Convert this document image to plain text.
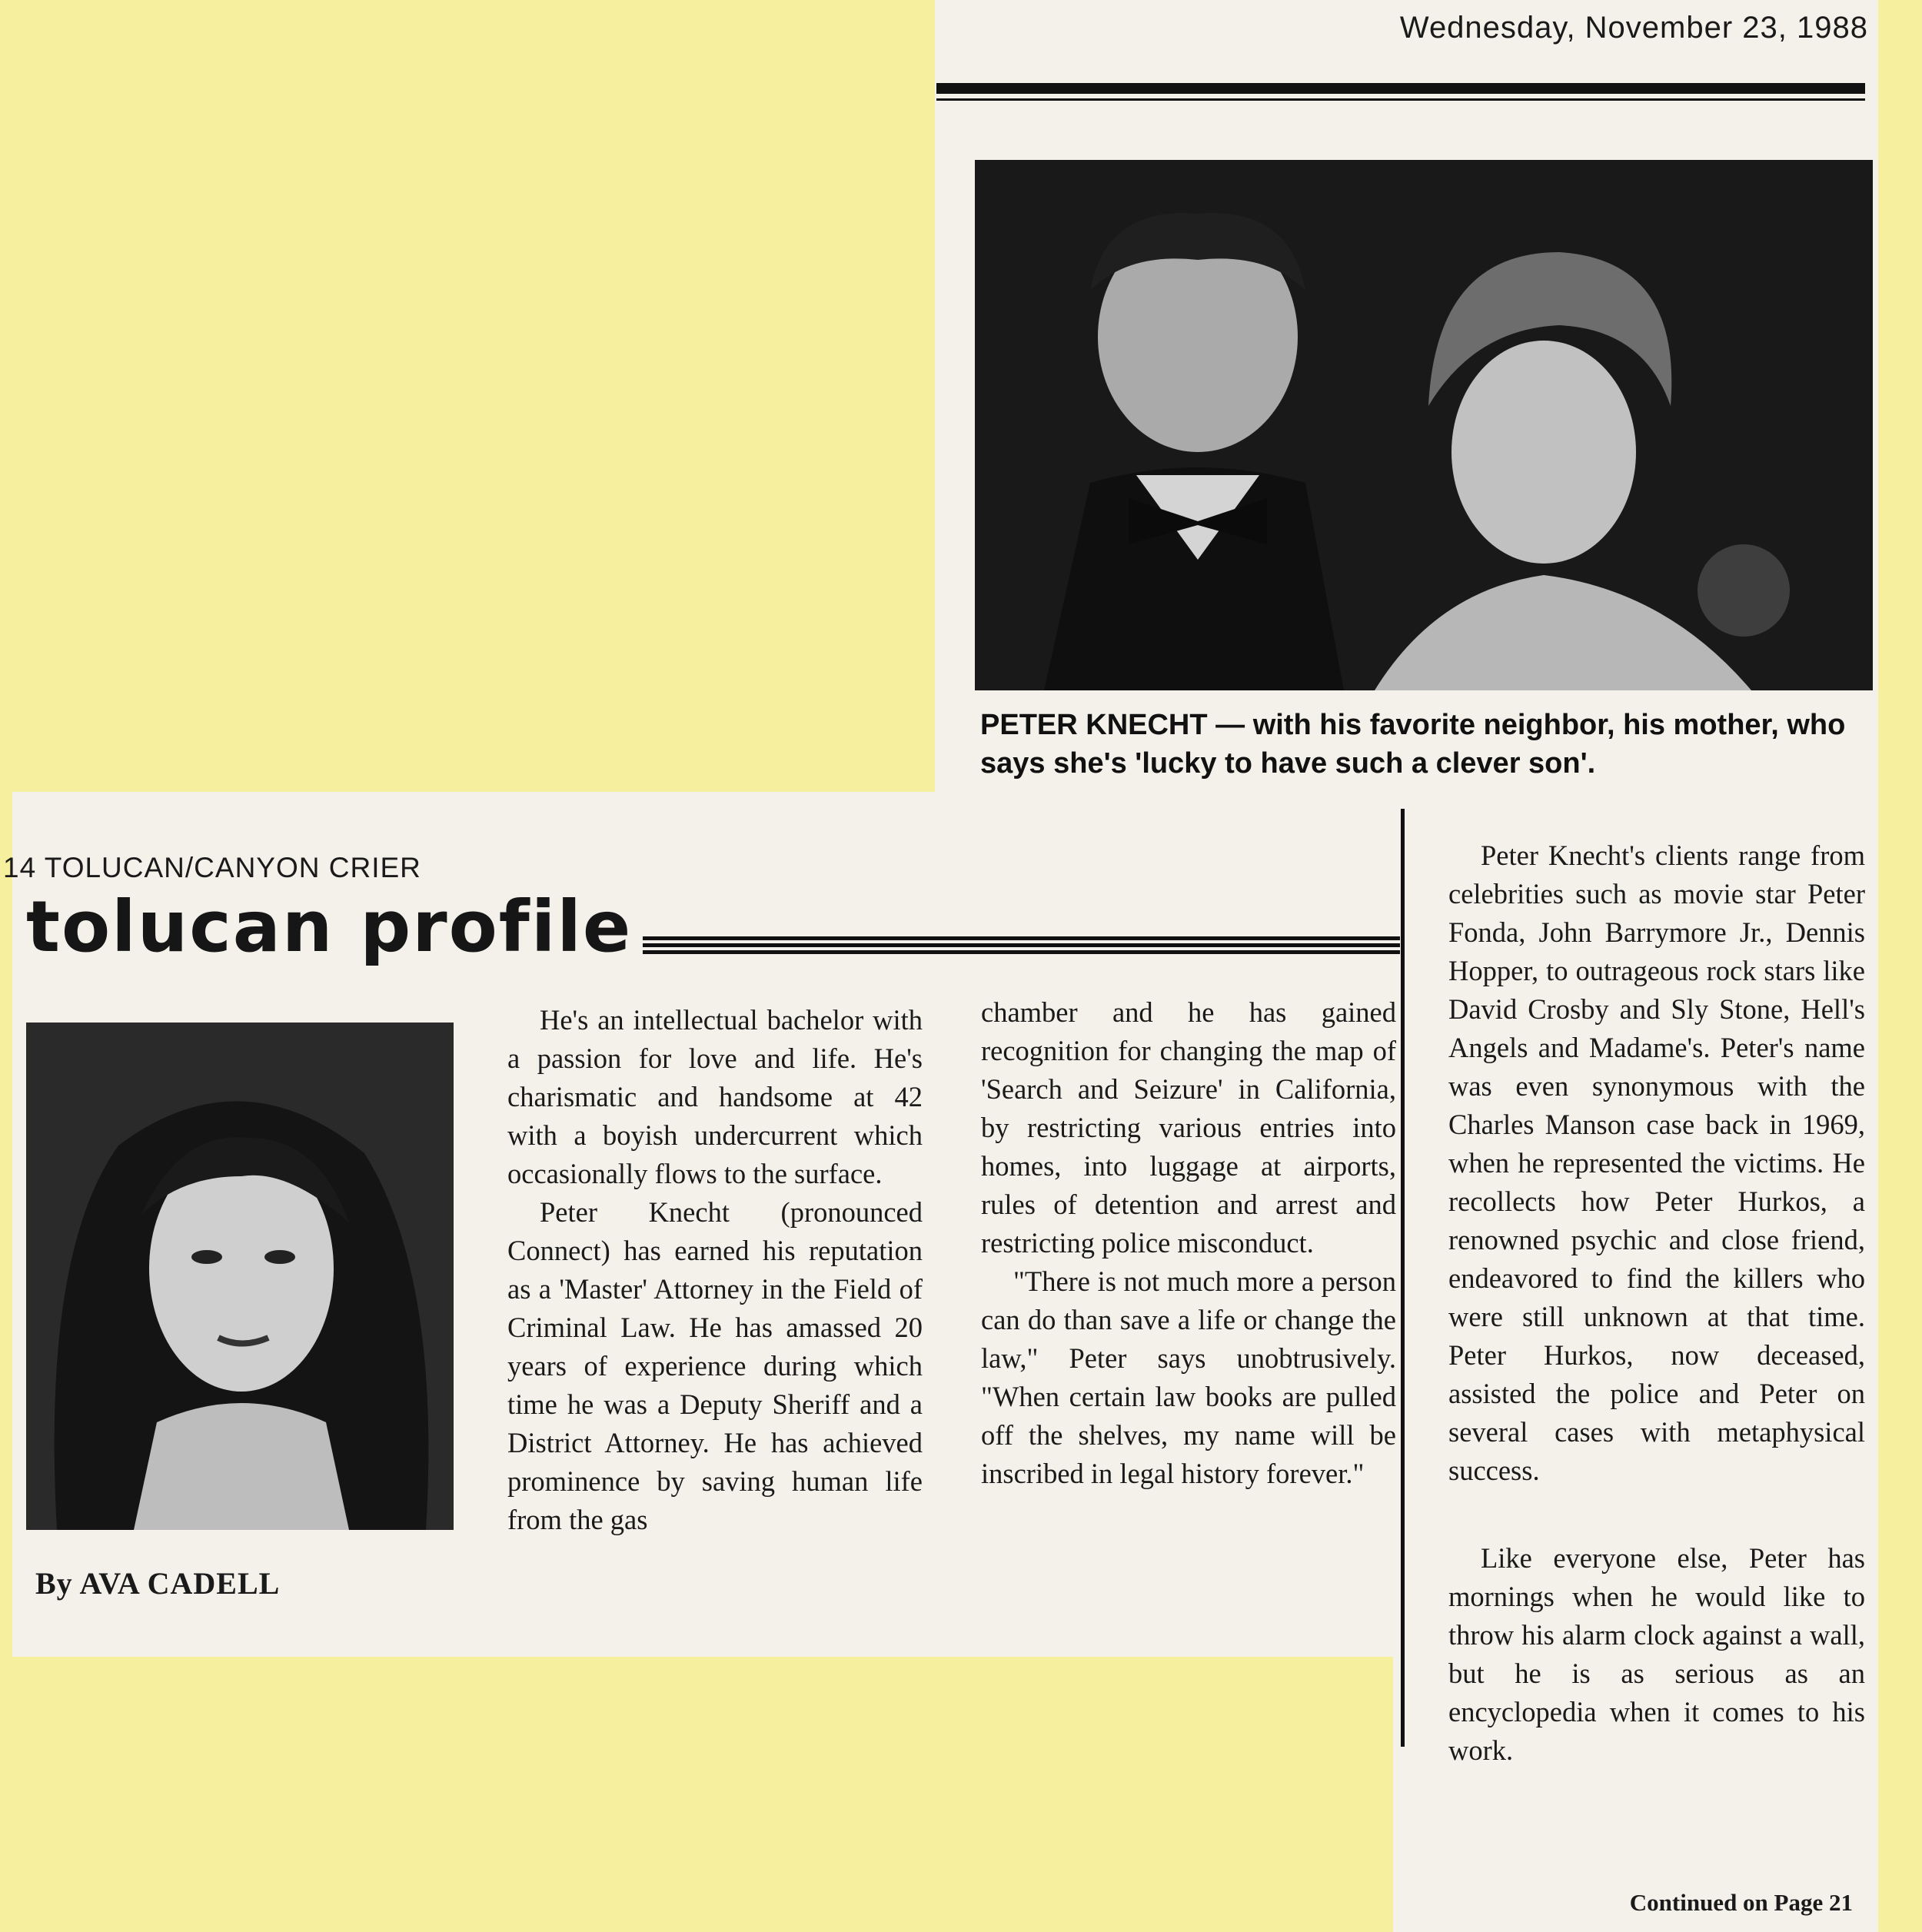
Wednesday, November 23, 1988
PETER KNECHT — with his favorite neighbor, his mother, who says she's 'lucky to have such a clever son'.
14 TOLUCAN/CANYON CRIER
tolucan profile
By AVA CADELL

He's an intellectual bachelor with a passion for love and life. He's charismatic and handsome at 42 with a boyish undercurrent which occasionally flows to the surface.

Peter Knecht (pronounced Connect) has earned his reputation as a 'Master' Attorney in the Field of Criminal Law. He has amassed 20 years of experience during which time he was a Deputy Sheriff and a District Attorney. He has achieved prominence by saving human life from the gas

chamber and he has gained recognition for changing the map of 'Search and Seizure' in California, by restricting various entries into homes, into luggage at airports, rules of detention and arrest and restricting police misconduct.

"There is not much more a person can do than save a life or change the law," Peter says unobtrusively. "When certain law books are pulled off the shelves, my name will be inscribed in legal history forever."

Peter Knecht's clients range from celebrities such as movie star Peter Fonda, John Barrymore Jr., Dennis Hopper, to outrageous rock stars like David Crosby and Sly Stone, Hell's Angels and Madame's. Peter's name was even synonymous with the Charles Manson case back in 1969, when he represented the victims. He recollects how Peter Hurkos, a renowned psychic and close friend, endeavored to find the killers who were still unknown at that time. Peter Hurkos, now deceased, assisted the police and Peter on several cases with metaphysical success.

Like everyone else, Peter has mornings when he would like to throw his alarm clock against a wall, but he is as serious as an encyclopedia when it comes to his work.

Continued on Page 21
